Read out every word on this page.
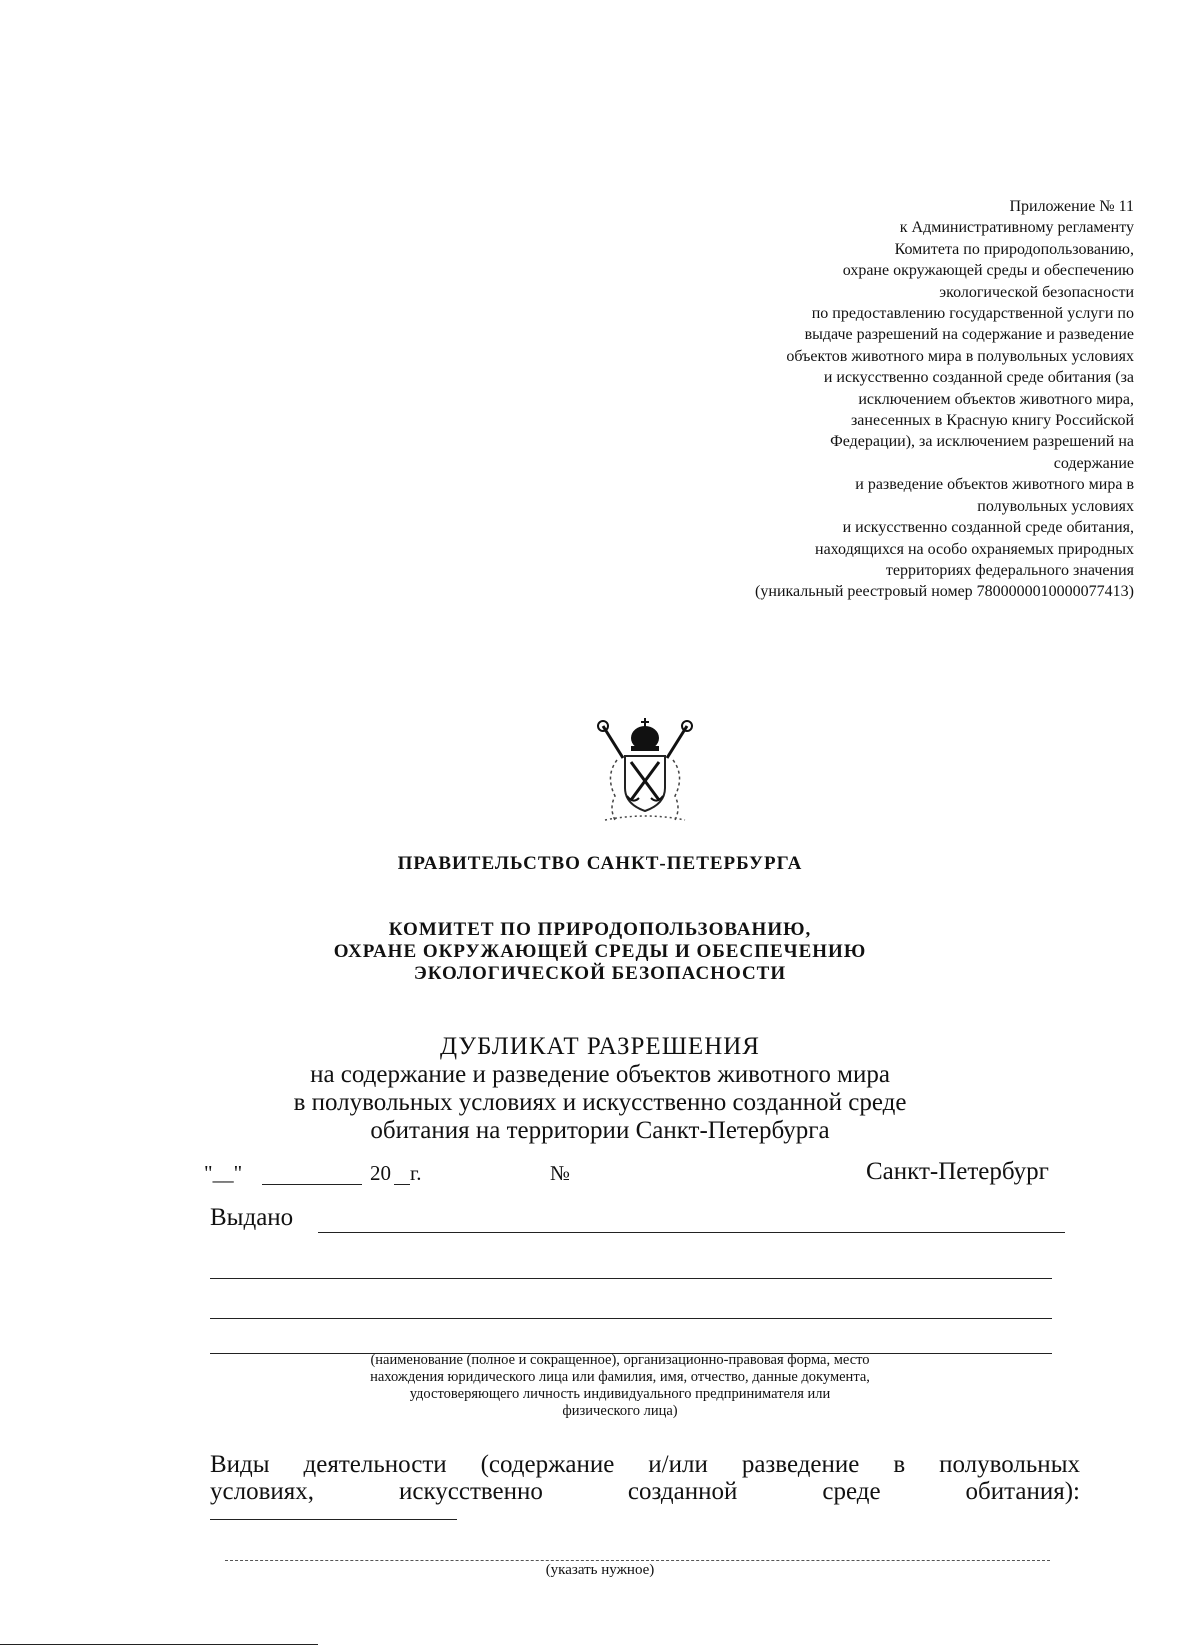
Приложение № 11
к Административному регламенту
Комитета по природопользованию,
охране окружающей среды и обеспечению
экологической безопасности
по предоставлению государственной услуги по
выдаче разрешений на содержание и разведение
объектов животного мира в полувольных условиях
и искусственно созданной среде обитания (за
исключением объектов животного мира,
занесенных в Красную книгу Российской
Федерации), за исключением разрешений на
содержание
и разведение объектов животного мира в
полувольных условиях
и искусственно созданной среде обитания,
находящихся на особо охраняемых природных
территориях федерального значения
(уникальный реестровый номер 7800000010000077413)
ПРАВИТЕЛЬСТВО САНКТ-ПЕТЕРБУРГА
КОМИТЕТ ПО ПРИРОДОПОЛЬЗОВАНИЮ,
ОХРАНЕ ОКРУЖАЮЩЕЙ СРЕДЫ И ОБЕСПЕЧЕНИЮ
ЭКОЛОГИЧЕСКОЙ БЕЗОПАСНОСТИ
ДУБЛИКАТ РАЗРЕШЕНИЯ
на содержание и разведение объектов животного мира
в полувольных условиях и искусственно созданной среде
обитания на территории Санкт-Петербурга
"__"	20 г.	№	Санкт-Петербург
Выдано
(наименование (полное и сокращенное), организационно-правовая форма, место
нахождения юридического лица или фамилия, имя, отчество, данные документа,
удостоверяющего личность индивидуального предпринимателя или
физического лица)
Виды деятельности (содержание и/или разведение в полувольных
условиях, искусственно созданной среде обитания):
(указать нужное)
